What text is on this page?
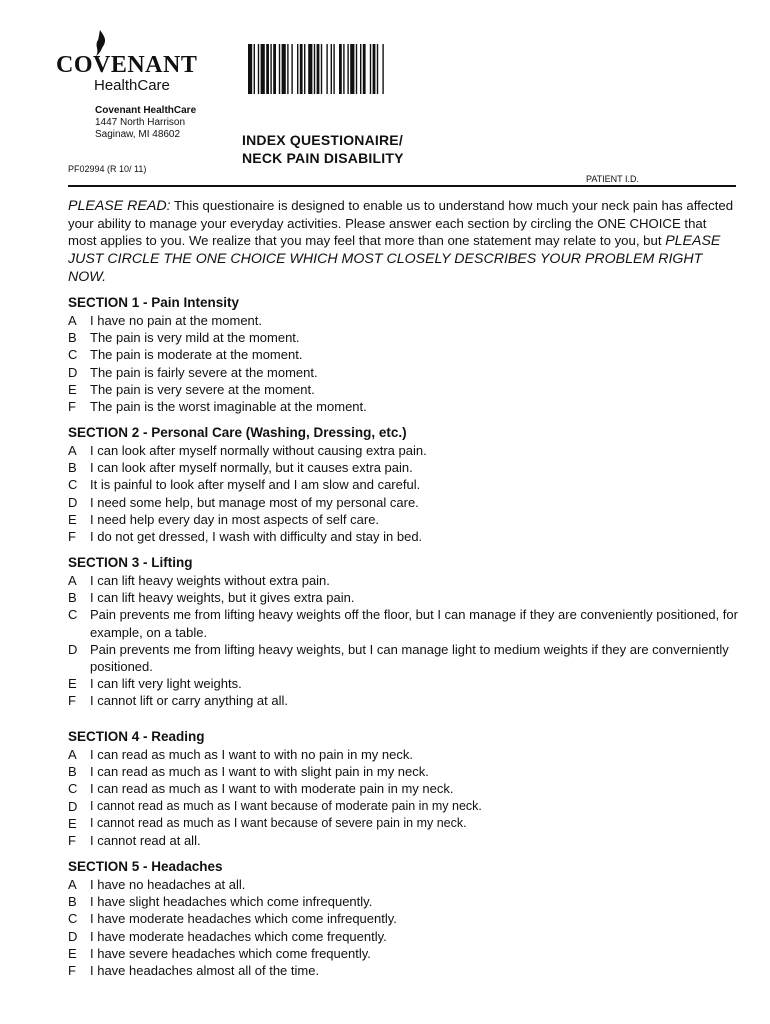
COVENANT
HealthCare
Covenant HealthCare
1447 North Harrison
Saginaw, MI 48602	INDEX QUESTIONAIRE/
NECK PAIN DISABILITY
PF02994 (R 10/ 11)
PATIENT I.D.
PLEASE READ: This questionaire is designed to enable us to understand how much your neck pain has affected your ability to manage your everyday activities. Please answer each section by circling the ONE CHOICE that most applies to you. We realize that you may feel that more than one statement may relate to you, but PLEASE JUST CIRCLE THE ONE CHOICE WHICH MOST CLOSELY DESCRIBES YOUR PROBLEM RIGHT NOW.
SECTION 1 - Pain Intensity
A	I have no pain at the moment.
B	The pain is very mild at the moment.
C The pain is moderate at the moment.
D The pain is fairly severe at the moment.
E	The pain is very severe at the moment.
F	The pain is the worst imaginable at the moment.
SECTION 2 - Personal Care (Washing, Dressing, etc.)
A	I can look after myself normally without causing extra pain.
B	I can look after myself normally, but it causes extra pain.
C It is painful to look after myself and I am slow and careful.
D I need some help, but manage most of my personal care.
E	I need help every day in most aspects of self care.
F	I do not get dressed, I wash with difficulty and stay in bed.
SECTION 3 - Lifting
A	I can lift heavy weights without extra pain.
B	I can lift heavy weights, but it gives extra pain.
C Pain prevents me from lifting heavy weights off the floor, but I can manage if they are conveniently positioned, for example, on a table.
D Pain prevents me from lifting heavy weights, but I can manage light to medium weights if they are converniently positioned.
E	I can lift very light weights.
F	I cannot lift or carry anything at all.
SECTION 4 - Reading
A	I can read as much as I want to with no pain in my neck.
B	I can read as much as I want to with slight pain in my neck.
C I can read as much as I want to with moderate pain in my neck.
D	I cannot read as much as I want because of moderate pain in my neck.
E	I cannot read as much as I want because of severe pain in my neck.
F	I cannot read at all.
SECTION 5 - Headaches
A	I have no headaches at all.
B	I have slight headaches which come infrequently.
C I have moderate headaches which come infrequently.
D I have moderate headaches which come frequently.
E	I have severe headaches which come frequently.
F	I have headaches almost all of the time.
